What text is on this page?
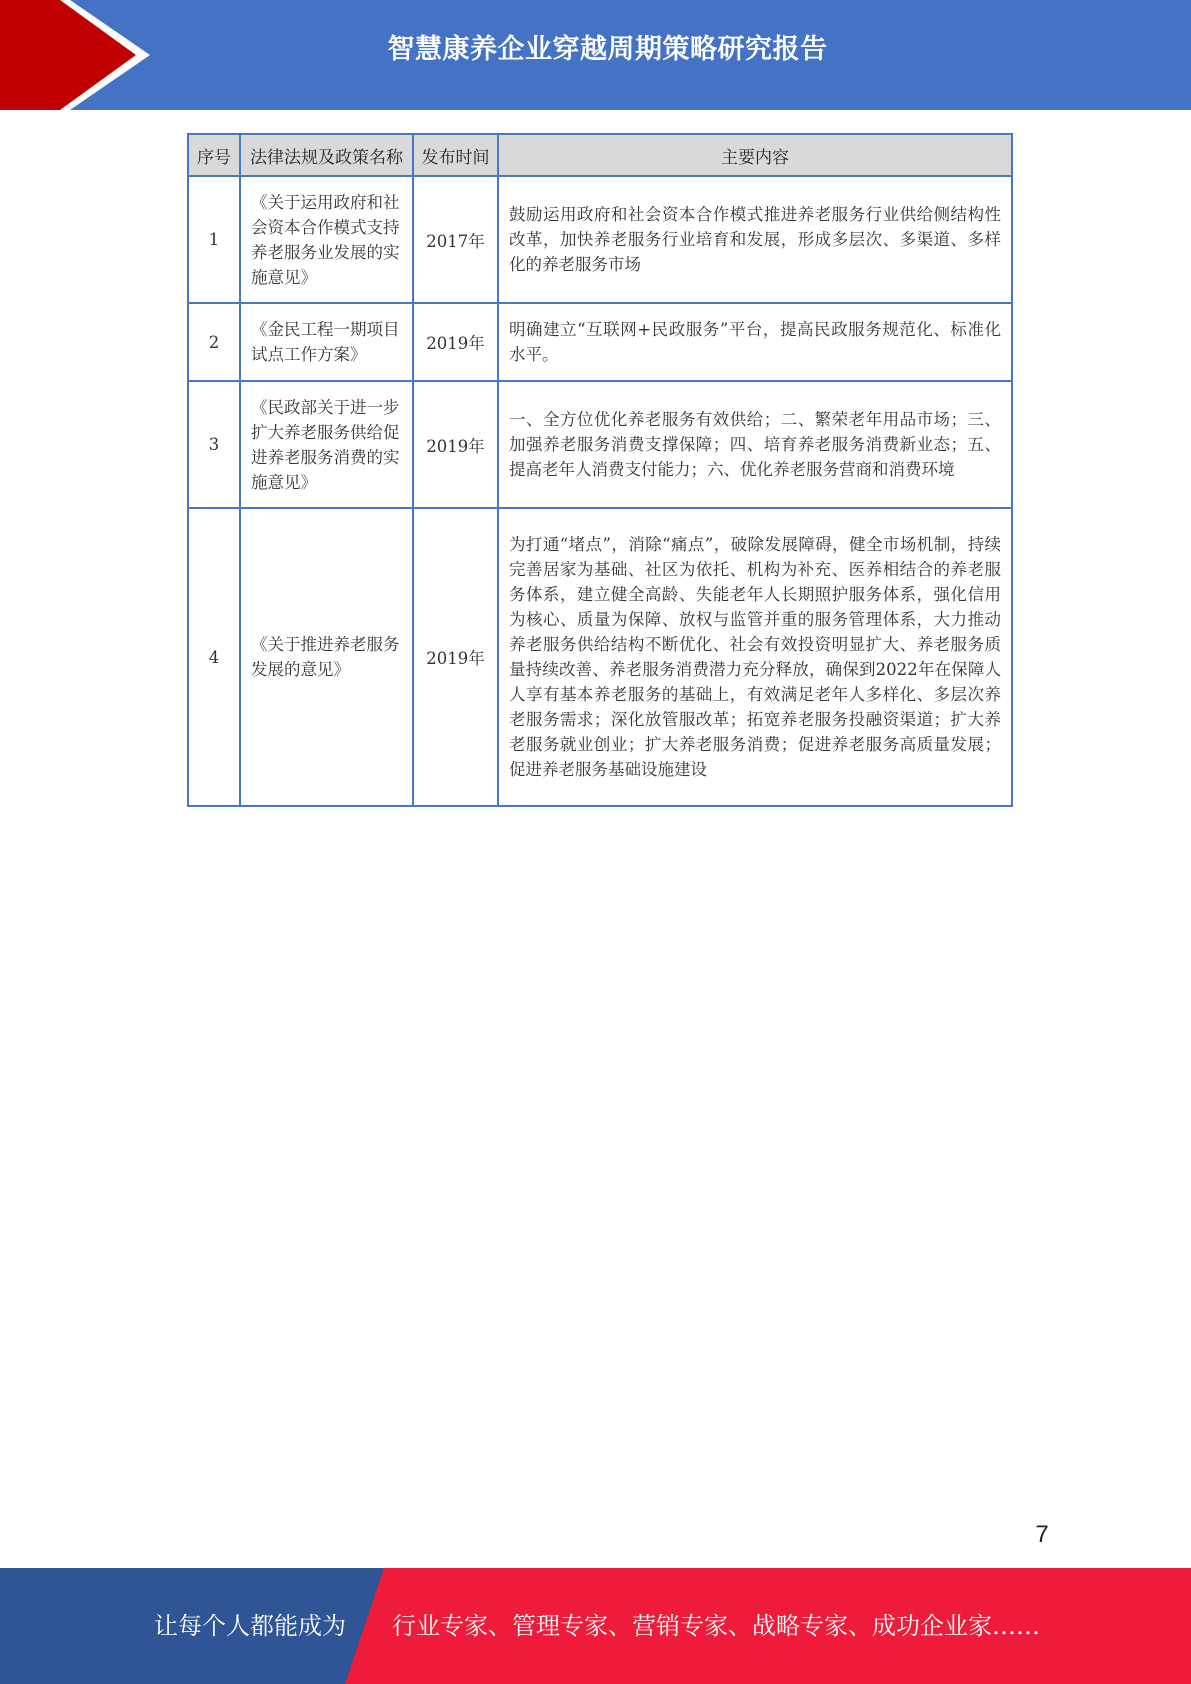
智慧康养企业穿越周期策略研究报告
序号	法律法规及政策名称	发布时间	主要内容
1	《关于运用政府和社会资本合作模式支持养老服务业发展的实施意见》	2017年	鼓励运用政府和社会资本合作模式推进养老服务行业供给侧结构性改革，加快养老服务行业培育和发展，形成多层次、多渠道、多样化的养老服务市场
2	《金民工程一期项目试点工作方案》	2019年	明确建立“互联网+民政服务”平台，提高民政服务规范化、标准化水平。
3	《民政部关于进一步扩大养老服务供给促进养老服务消费的实施意见》	2019年	一、全方位优化养老服务有效供给；二、繁荣老年用品市场；三、加强养老服务消费支撑保障；四、培育养老服务消费新业态；五、提高老年人消费支付能力；六、优化养老服务营商和消费环境
4	《关于推进养老服务发展的意见》	2019年	为打通“堵点”，消除“痛点”，破除发展障碍，健全市场机制，持续完善居家为基础、社区为依托、机构为补充、医养相结合的养老服务体系，建立健全高龄、失能老年人长期照护服务体系，强化信用为核心、质量为保障、放权与监管并重的服务管理体系，大力推动养老服务供给结构不断优化、社会有效投资明显扩大、养老服务质量持续改善、养老服务消费潜力充分释放，确保到2022年在保障人人享有基本养老服务的基础上，有效满足老年人多样化、多层次养老服务需求；深化放管服改革；拓宽养老服务投融资渠道；扩大养老服务就业创业；扩大养老服务消费；促进养老服务高质量发展；促进养老服务基础设施建设
7
让每个人都能成为	行业专家、管理专家、营销专家、战略专家、成功企业家……
